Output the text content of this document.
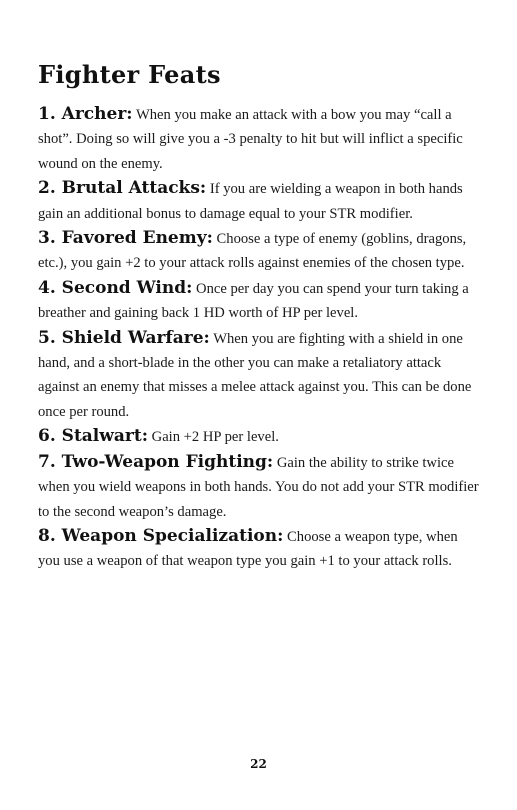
Fighter Feats

1. Archer: When you make an attack with a bow you may “call a shot”. Doing so will give you a -3 penalty to hit but will inflict a specific wound on the enemy.

2. Brutal Attacks: If you are wielding a weapon in both hands gain an additional bonus to damage equal to your STR modifier.

3. Favored Enemy: Choose a type of enemy (goblins, dragons, etc.), you gain +2 to your attack rolls against enemies of the chosen type.

4. Second Wind: Once per day you can spend your turn taking a breather and gaining back 1 HD worth of HP per level.

5. Shield Warfare: When you are fighting with a shield in one hand, and a short-blade in the other you can make a retaliatory attack against an enemy that misses a melee attack against you. This can be done once per round.

6. Stalwart: Gain +2 HP per level.

7. Two-Weapon Fighting: Gain the ability to strike twice when you wield weapons in both hands. You do not add your STR modifier to the second weapon’s damage.

8. Weapon Specialization: Choose a weapon type, when you use a weapon of that weapon type you gain +1 to your attack rolls.

22
